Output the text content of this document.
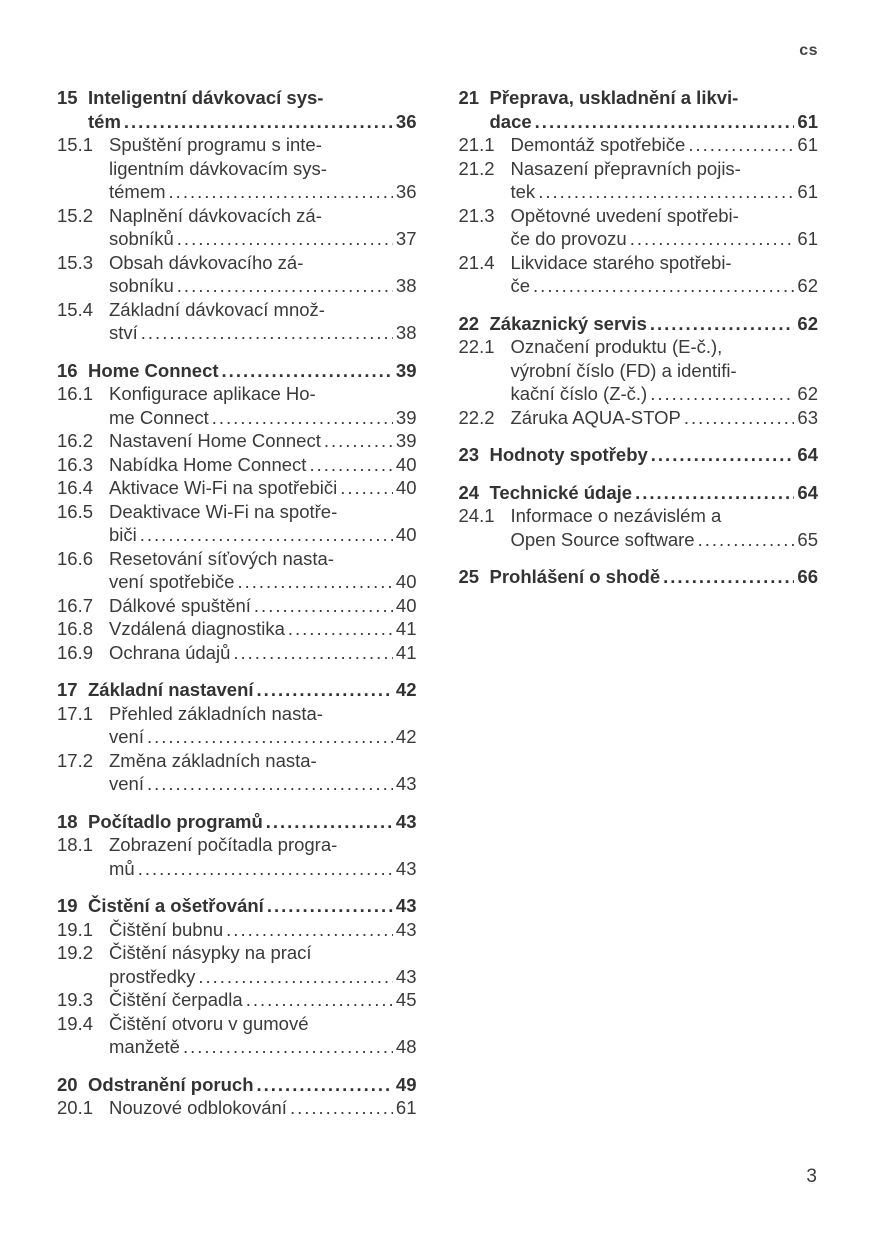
cs
15 Inteligentní dávkovací sys-
tém .....	36
15.1 Spuštění programu s inte-
ligentním dávkovacím sys-
témem .....	36
15.2 Naplnění dávkovacích zá-
sobníků .....	37
15.3 Obsah dávkovacího zá-
sobníku .....	38
15.4 Základní dávkovací množ-
ství .....	38
16 Home Connect .....	39
16.1 Konfigurace aplikace Ho-
me Connect .....	39
16.2 Nastavení Home Connect .....	39
16.3 Nabídka Home Connect .....	40
16.4 Aktivace Wi-Fi na spotřebiči .....	40
16.5 Deaktivace Wi-Fi na spotře-
biči .....	40
16.6 Resetování síťových nasta-
vení spotřebiče .....	40
16.7 Dálkové spuštění .....	40
16.8 Vzdálená diagnostika .....	41
16.9 Ochrana údajů .....	41
17 Základní nastavení .....	42
17.1 Přehled základních nasta-
vení .....	42
17.2 Změna základních nasta-
vení .....	43
18 Počítadlo programů .....	43
18.1 Zobrazení počítadla progra-
mů .....	43
19 Čistění a ošetřování .....	43
19.1 Čištění bubnu .....	43
19.2 Čištění násypky na prací
prostředky .....	43
19.3 Čištění čerpadla .....	45
19.4 Čištění otvoru v gumové
manžetě .....	48
20 Odstranění poruch .....	49
20.1 Nouzové odblokování .....	61
21 Přeprava, uskladnění a likvi-
dace .....	61
21.1 Demontáž spotřebiče .....	61
21.2 Nasazení přepravních pojis-
tek .....	61
21.3 Opětovné uvedení spotřebi-
če do provozu .....	61
21.4 Likvidace starého spotřebi-
če .....	62
22 Zákaznický servis .....	62
22.1 Označení produktu (E-č.),
výrobní číslo (FD) a identifi-
kační číslo (Z-č.) .....	62
22.2 Záruka AQUA-STOP .....	63
23 Hodnoty spotřeby .....	64
24 Technické údaje .....	64
24.1 Informace o nezávislém a
Open Source software .....	65
25 Prohlášení o shodě .....	66
3
